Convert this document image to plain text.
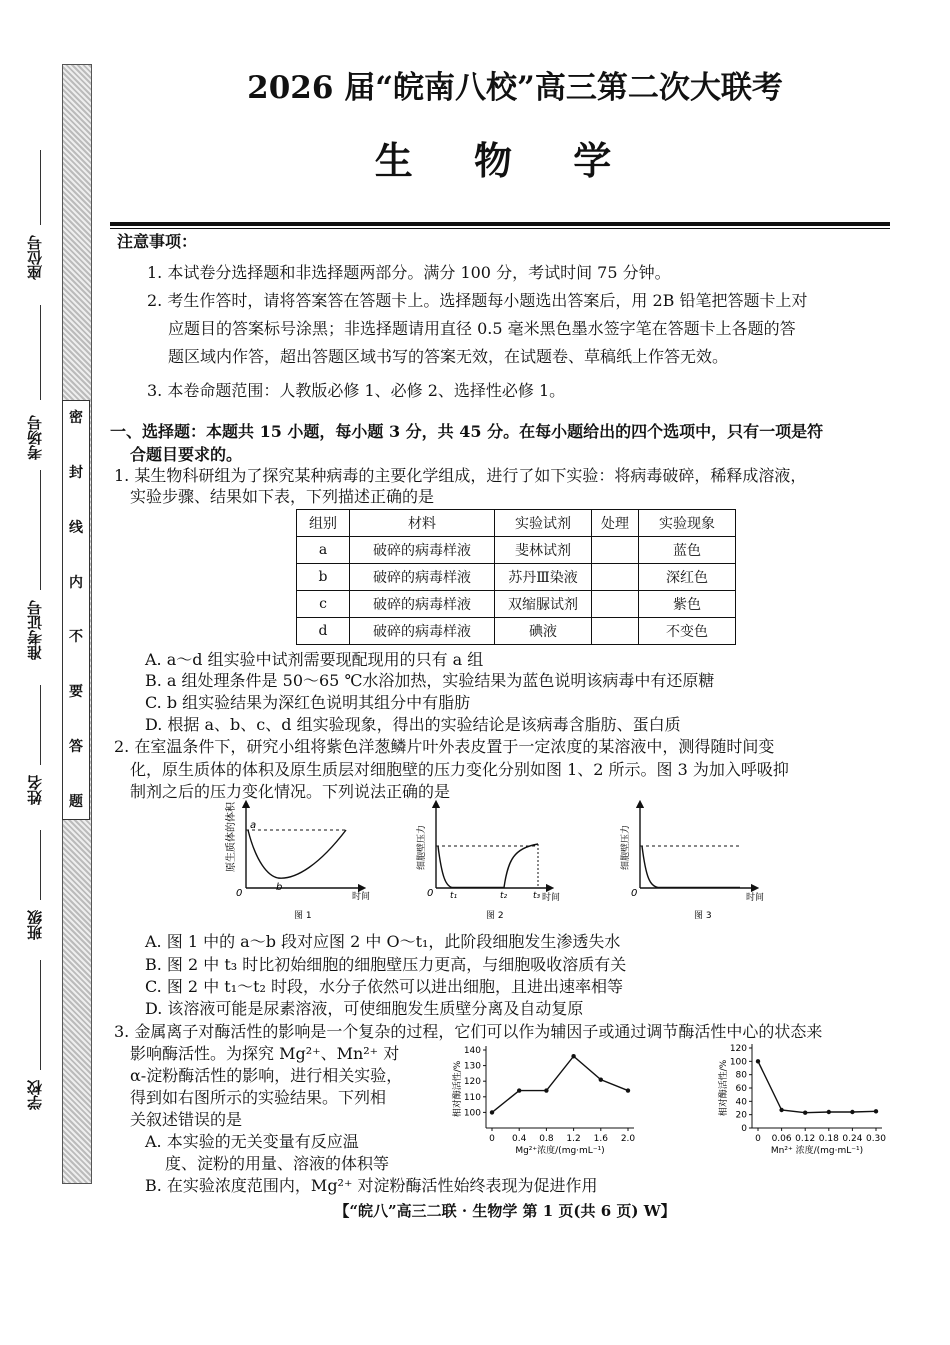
密
封
线
内
不
要
答
题
座位号
考场号
准考证号
姓名
班级
学校
2026 届“皖南八校”高三第二次大联考
生 物 学
注意事项：
1. 本试卷分选择题和非选择题两部分。满分 100 分，考试时间 75 分钟。
2. 考生作答时，请将答案答在答题卡上。选择题每小题选出答案后，用 2B 铅笔把答题卡上对
应题目的答案标号涂黑；非选择题请用直径 0.5 毫米黑色墨水签字笔在答题卡上各题的答
题区域内作答，超出答题区域书写的答案无效，在试题卷、草稿纸上作答无效。
3. 本卷命题范围：人教版必修 1、必修 2、选择性必修 1。
一、选择题：本题共 15 小题，每小题 3 分，共 45 分。在每小题给出的四个选项中，只有一项是符
合题目要求的。
1. 某生物科研组为了探究某种病毒的主要化学组成，进行了如下实验：将病毒破碎，稀释成溶液，
实验步骤、结果如下表，下列描述正确的是
组别	材料	实验试剂	处理	实验现象
a	破碎的病毒样液	斐林试剂		蓝色
b	破碎的病毒样液	苏丹Ⅲ染液		深红色
c	破碎的病毒样液	双缩脲试剂		紫色
d	破碎的病毒样液	碘液		不变色
A. a～d 组实验中试剂需要现配现用的只有 a 组
B. a 组处理条件是 50～65 ℃水浴加热，实验结果为蓝色说明该病毒中有还原糖
C. b 组实验结果为深红色说明其组分中有脂肪
D. 根据 a、b、c、d 组实验现象，得出的实验结论是该病毒含脂肪、蛋白质
2. 在室温条件下，研究小组将紫色洋葱鳞片叶外表皮置于一定浓度的某溶液中，测得随时间变
化，原生质体的体积及原生质层对细胞壁的压力变化分别如图 1、2 所示。图 3 为加入呼吸抑
制剂之后的压力变化情况。下列说法正确的是
原生质体的体积 a
b
0	时间
图 1
细胞壁压力
0 t₁	t₂	t₃ 时间
图 2
细胞壁压力
0	时间
图 3
A. 图 1 中的 a～b 段对应图 2 中 O～t₁，此阶段细胞发生渗透失水
B. 图 2 中 t₃ 时比初始细胞的细胞壁压力更高，与细胞吸收溶质有关
C. 图 2 中 t₁～t₂ 时段，水分子依然可以进出细胞，且进出速率相等
D. 该溶液可能是尿素溶液，可使细胞发生质壁分离及自动复原
3. 金属离子对酶活性的影响是一个复杂的过程，它们可以作为辅因子或通过调节酶活性中心的状态来
影响酶活性。为探究 Mg²⁺、Mn²⁺ 对
α-淀粉酶活性的影响，进行相关实验，
得到如右图所示的实验结果。下列相
关叙述错误的是
A. 本实验的无关变量有反应温
度、淀粉的用量、溶液的体积等
B. 在实验浓度范围内，Mg²⁺ 对淀粉酶活性始终表现为促进作用
100
110
120
130
140
0 0.4 0.8 1.2 1.6 2.0
Mg²⁺浓度/(mg·mL⁻¹)
相对酶活性/%
0
20
40
60
80
100
120
0 0.06 0.12 0.18 0.24 0.30
Mn²⁺ 浓度/(mg·mL⁻¹)
相对酶活性/%
【“皖八”高三二联 · 生物学 第 1 页(共 6 页) W】
